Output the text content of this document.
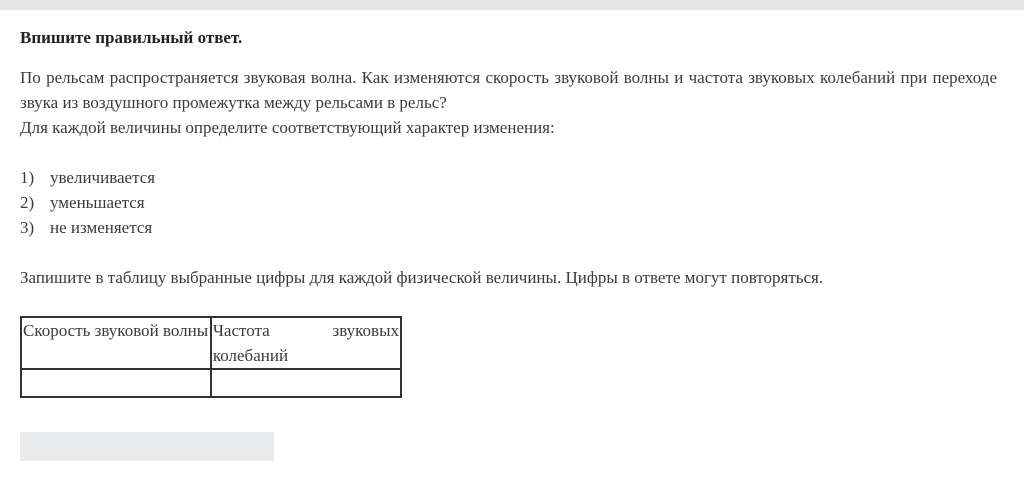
Впишите правильный ответ.

По рельсам распространяется звуковая волна. Как изменяются скорость звуковой волны и частота звуковых колебаний при переходе звука из воздушного промежутка между рельсами в рельс?
Для каждой величины определите соответствующий характер изменения:

1) увеличивается
2) уменьшается
3) не изменяется

Запишите в таблицу выбранные цифры для каждой физической величины. Цифры в ответе могут повторяться.

Скорость звуковой волны	Частота звуковых колебаний
